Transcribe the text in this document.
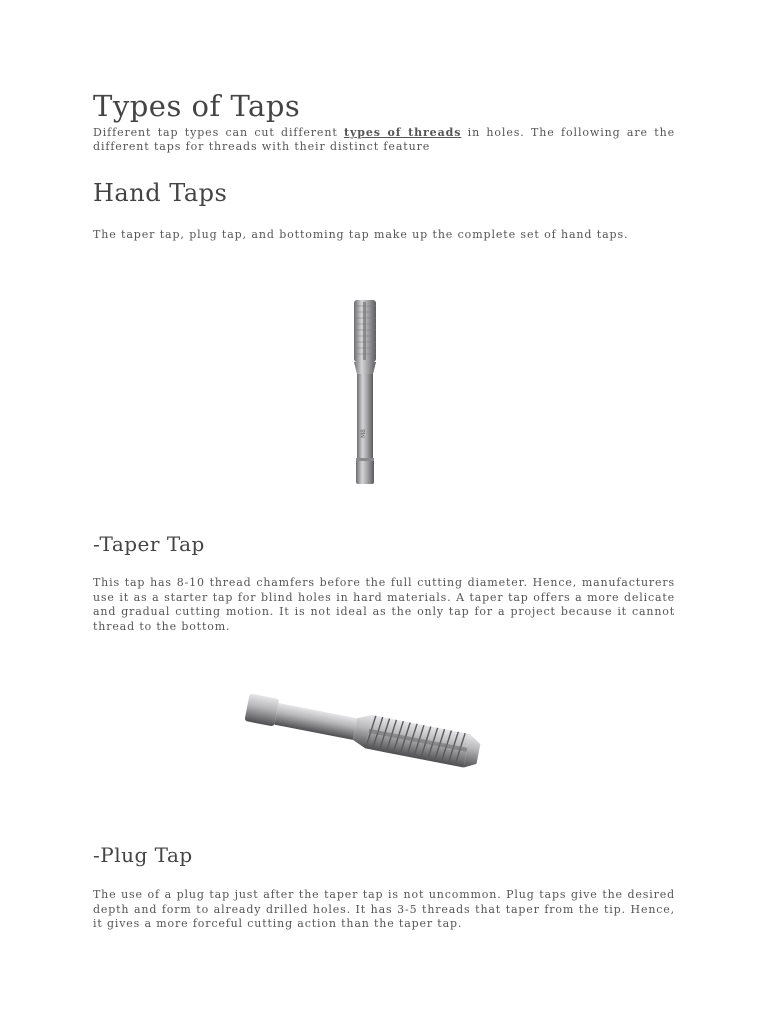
Types of Taps

Different tap types can cut different types of threads in holes. The following are the different taps for threads with their distinct feature

Hand Taps

The taper tap, plug tap, and bottoming tap make up the complete set of hand taps.

M8
-Taper Tap

This tap has 8-10 thread chamfers before the full cutting diameter. Hence, manufacturers use it as a starter tap for blind holes in hard materials. A taper tap offers a more delicate and gradual cutting motion. It is not ideal as the only tap for a project because it cannot thread to the bottom.

-Plug Tap

The use of a plug tap just after the taper tap is not uncommon. Plug taps give the desired depth and form to already drilled holes. It has 3-5 threads that taper from the tip. Hence, it gives a more forceful cutting action than the taper tap.
